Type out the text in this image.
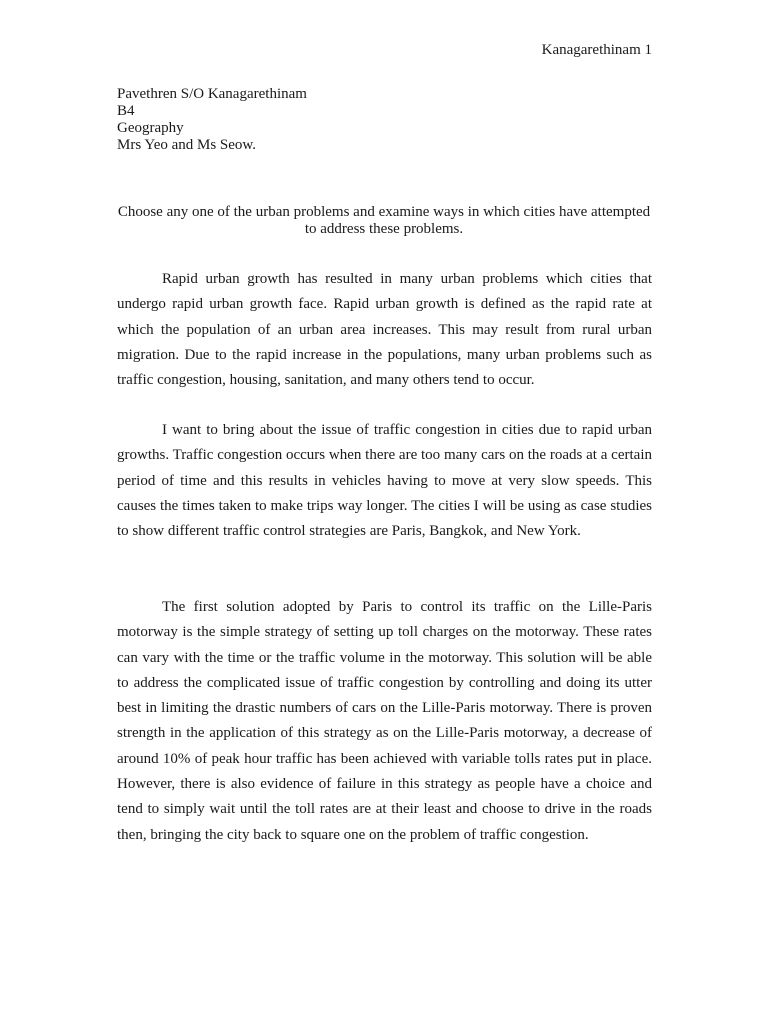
Kanagarethinam 1
Pavethren S/O Kanagarethinam
B4
Geography
Mrs Yeo and Ms Seow.
Choose any one of the urban problems and examine ways in which cities have attempted to address these problems.

Rapid urban growth has resulted in many urban problems which cities that undergo rapid urban growth face. Rapid urban growth is defined as the rapid rate at which the population of an urban area increases. This may result from rural urban migration. Due to the rapid increase in the populations, many urban problems such as traffic congestion, housing, sanitation, and many others tend to occur.

I want to bring about the issue of traffic congestion in cities due to rapid urban growths. Traffic congestion occurs when there are too many cars on the roads at a certain period of time and this results in vehicles having to move at very slow speeds. This causes the times taken to make trips way longer. The cities I will be using as case studies to show different traffic control strategies are Paris, Bangkok, and New York.

The first solution adopted by Paris to control its traffic on the Lille-Paris motorway is the simple strategy of setting up toll charges on the motorway. These rates can vary with the time or the traffic volume in the motorway. This solution will be able to address the complicated issue of traffic congestion by controlling and doing its utter best in limiting the drastic numbers of cars on the Lille-Paris motorway. There is proven strength in the application of this strategy as on the Lille-Paris motorway, a decrease of around 10% of peak hour traffic has been achieved with variable tolls rates put in place. However, there is also evidence of failure in this strategy as people have a choice and tend to simply wait until the toll rates are at their least and choose to drive in the roads then, bringing the city back to square one on the problem of traffic congestion.
